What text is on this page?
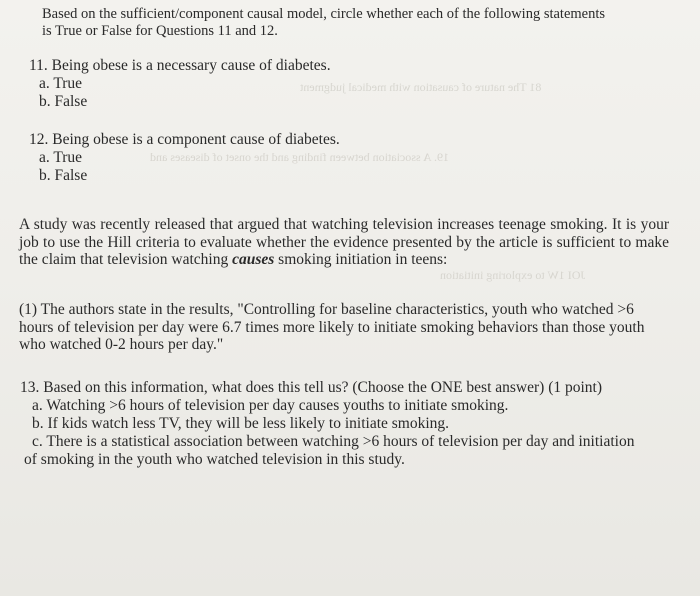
81 The nature of causation with medical judgment
19. A ssociation between finding and the onset of diseases and
JOI 1W to exploring initiation
Based on the sufficient/component causal model, circle whether each of the following statements
is True or False for Questions 11 and 12.
11. Being obese is a necessary cause of diabetes.
a. True
b. False
12. Being obese is a component cause of diabetes.
a. True
b. False
A study was recently released that argued that watching television increases teenage smoking. It is your job to use the Hill criteria to evaluate whether the evidence presented by the article is sufficient to make the claim that television watching causes smoking initiation in teens:
(1) The authors state in the results, "Controlling for baseline characteristics, youth who watched >6 hours of television per day were 6.7 times more likely to initiate smoking behaviors than those youth who watched 0-2 hours per day."
13. Based on this information, what does this tell us? (Choose the ONE best answer) (1 point)
a. Watching >6 hours of television per day causes youths to initiate smoking.
b. If kids watch less TV, they will be less likely to initiate smoking.
c. There is a statistical association between watching >6 hours of television per day and initiation
of smoking in the youth who watched television in this study.
